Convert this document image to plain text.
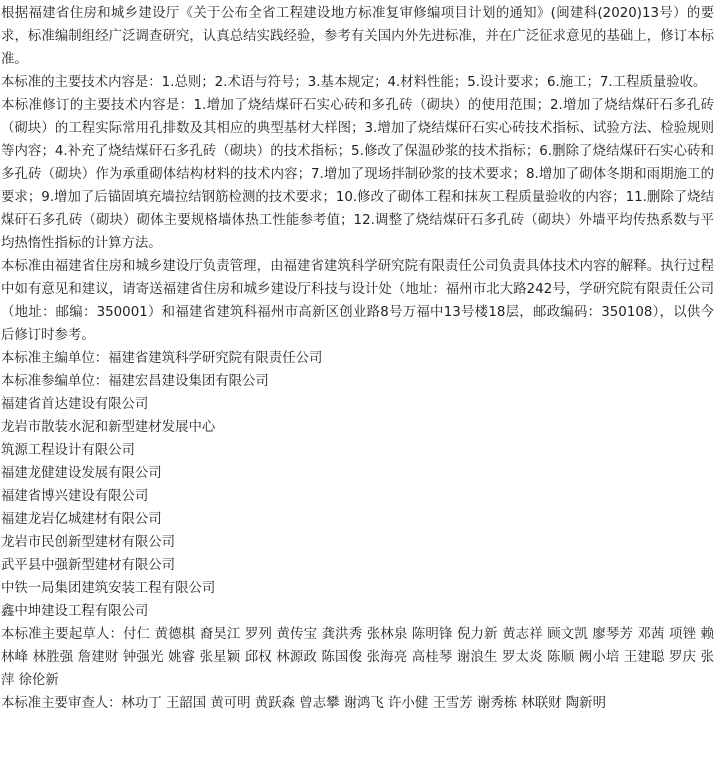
根据福建省住房和城乡建设厅《关于公布全省工程建设地方标准复审修编项目计划的通知》(闽建科(2020)13号）的要求，标准编制组经广泛调查研究，认真总结实践经验，参考有关国内外先进标准，并在广泛征求意见的基础上，修订本标准。

本标准的主要技术内容是：1.总则；2.术语与符号；3.基本规定；4.材料性能；5.设计要求；6.施工；7.工程质量验收。

本标准修订的主要技术内容是：1.增加了烧结煤矸石实心砖和多孔砖（砌块）的使用范围；2.增加了烧结煤矸石多孔砖（砌块）的工程实际常用孔排数及其相应的典型基材大样图；3.增加了烧结煤矸石实心砖技术指标、试验方法、检验规则等内容；4.补充了烧结煤矸石多孔砖（砌块）的技术指标；5.修改了保温砂浆的技术指标；6.删除了烧结煤矸石实心砖和多孔砖（砌块）作为承重砌体结构材料的技术内容；7.增加了现场拌制砂浆的技术要求；8.增加了砌体冬期和雨期施工的要求；9.增加了后锚固填充墙拉结钢筋检测的技术要求；10.修改了砌体工程和抹灰工程质量验收的内容；11.删除了烧结煤矸石多孔砖（砌块）砌体主要规格墙体热工性能参考值；12.调整了烧结煤矸石多孔砖（砌块）外墙平均传热系数与平均热惰性指标的计算方法。

本标准由福建省住房和城乡建设厅负责管理，由福建省建筑科学研究院有限责任公司负责具体技术内容的解释。执行过程中如有意见和建议，请寄送福建省住房和城乡建设厅科技与设计处（地址：福州市北大路242号，学研究院有限责任公司（地址：邮编：350001）和福建省建筑科福州市高新区创业路8号万福中13号楼18层，邮政编码：350108），以供今后修订时参考。

本标准主编单位：福建省建筑科学研究院有限责任公司

本标准参编单位：福建宏昌建设集团有限公司

福建省首达建设有限公司

龙岩市散装水泥和新型建材发展中心

筑源工程设计有限公司

福建龙健建设发展有限公司

福建省博兴建设有限公司

福建龙岩亿城建材有限公司

龙岩市民创新型建材有限公司

武平县中强新型建材有限公司

中铁一局集团建筑安装工程有限公司

鑫中坤建设工程有限公司

本标准主要起草人：付仁 黄德棋 裔昊江 罗列 黄传宝 龚洪秀 张林泉 陈明锋 倪力新 黄志祥 顾文凯 廖琴芳 邓茜 项锉 赖林峰 林胜强 詹建财 钟强光 姚睿 张星颖 邱权 林源政 陈国俊 张海亮 高桂琴 谢浪生 罗太炎 陈顺 阙小培 王建聪 罗庆 张萍 徐伦新

本标准主要审查人：林功丁 王韶国 黄可明 黄跃森 曾志攀 谢鸿飞 许小健 王雪芳 谢秀栋 林联财 陶新明
